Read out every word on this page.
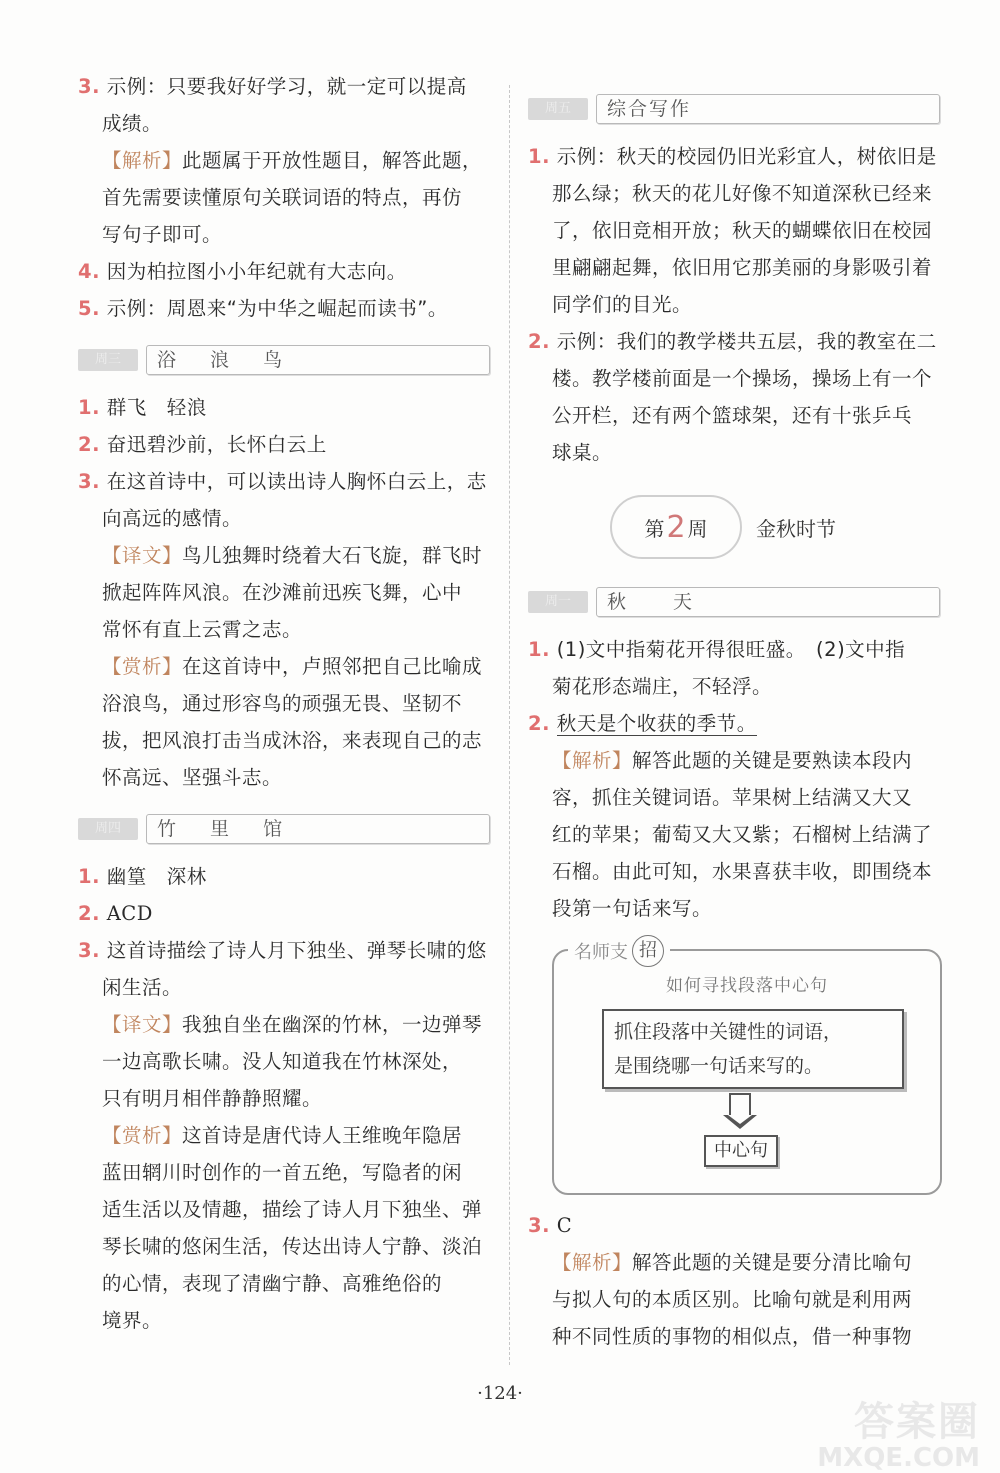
3. 示例：只要我好好学习，就一定可以提高
成绩。
【解析】此题属于开放性题目，解答此题，
首先需要读懂原句关联词语的特点，再仿
写句子即可。
4. 因为柏拉图小小年纪就有大志向。
5. 示例：周恩来“为中华之崛起而读书”。
周三	浴 浪 鸟
1. 群飞　轻浪
2. 奋迅碧沙前，长怀白云上
3. 在这首诗中，可以读出诗人胸怀白云上，志
向高远的感情。
【译文】鸟儿独舞时绕着大石飞旋，群飞时
掀起阵阵风浪。在沙滩前迅疾飞舞，心中
常怀有直上云霄之志。
【赏析】在这首诗中，卢照邻把自己比喻成
浴浪鸟，通过形容鸟的顽强无畏、坚韧不
拔，把风浪打击当成沐浴，来表现自己的志
怀高远、坚强斗志。
周四	竹 里 馆
1. 幽篁　深林
2. ACD
3. 这首诗描绘了诗人月下独坐、弹琴长啸的悠
闲生活。
【译文】我独自坐在幽深的竹林，一边弹琴
一边高歌长啸。没人知道我在竹林深处，
只有明月相伴静静照耀。
【赏析】这首诗是唐代诗人王维晚年隐居
蓝田辋川时创作的一首五绝，写隐者的闲
适生活以及情趣，描绘了诗人月下独坐、弹
琴长啸的悠闲生活，传达出诗人宁静、淡泊
的心情，表现了清幽宁静、高雅绝俗的
境界。
周五	综合写作
1. 示例：秋天的校园仍旧光彩宜人，树依旧是
那么绿；秋天的花儿好像不知道深秋已经来
了，依旧竞相开放；秋天的蝴蝶依旧在校园
里翩翩起舞，依旧用它那美丽的身影吸引着
同学们的目光。
2. 示例：我们的教学楼共五层，我的教室在二
楼。教学楼前面是一个操场，操场上有一个
公开栏，还有两个篮球架，还有十张乒乓
球桌。
第 2 周 金秋时节
周一	秋　天
1. (1)文中指菊花开得很旺盛。　(2)文中指
菊花形态端庄，不轻浮。
2. 秋天是个收获的季节。
【解析】解答此题的关键是要熟读本段内
容，抓住关键词语。苹果树上结满又大又
红的苹果；葡萄又大又紫；石榴树上结满了
石榴。由此可知，水果喜获丰收，即围绕本
段第一句话来写。
名师支 招
如何寻找段落中心句
抓住段落中关键性的词语，
是围绕哪一句话来写的。
中心句
3. C
【解析】解答此题的关键是要分清比喻句
与拟人句的本质区别。比喻句就是利用两
种不同性质的事物的相似点，借一种事物
·124·
答案圈
MXQE.COM
